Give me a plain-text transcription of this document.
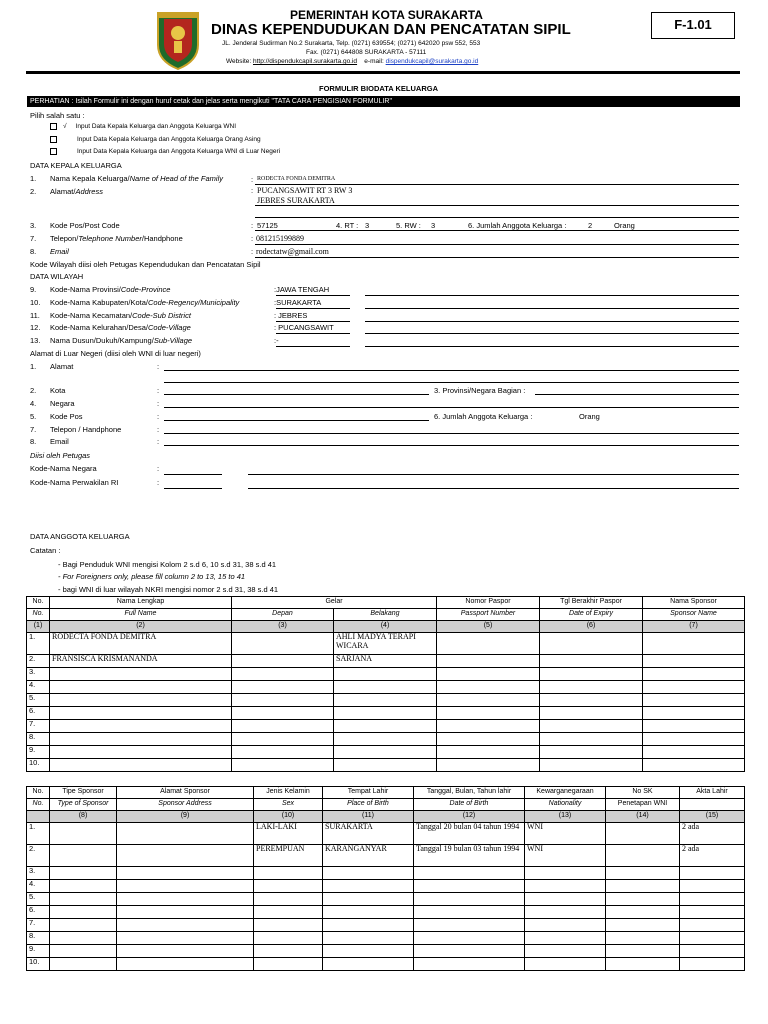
PEMERINTAH KOTA SURAKARTA
DINAS KEPENDUDUKAN DAN PENCATATAN SIPIL
JL. Jenderal Sudirman No.2 Surakarta, Telp. (0271) 639554; (0271) 642020 psw 552, 553
Fax. (0271) 644808 SURAKARTA - 57111
Website: http://dispendukcapil.surakarta.go.id e-mail: dispendukcapil@surakarta.go.id
F-1.01
FORMULIR BIODATA KELUARGA
PERHATIAN : Isilah Formulir ini dengan huruf cetak dan jelas serta mengikuti "TATA CARA PENGISIAN FORMULIR"
Pilih salah satu :
√ Input Data Kepala Keluarga dan Anggota Keluarga WNI
Input Data Kepala Keluarga dan Anggota Keluarga Orang Asing
Input Data Kepala Keluarga dan Anggota Keluarga WNI di Luar Negeri
DATA KEPALA KELUARGA
1. Nama Kepala Keluarga/Name of Head of the Family	: RODECTA FONDA DEMITRA
2. Alamat/Address	: PUCANGSAWIT RT 3 RW 3
JEBRES SURAKARTA
3. Kode Pos/Post Code	: 57125	4. RT : 3	5. RW : 3	6. Jumlah Anggota Keluarga :	2	Orang
7. Telepon/Telephone Number/Handphone	: 081215199889
8. Email	: rodectatw@gmail.com
Kode Wilayah diisi oleh Petugas Kependudukan dan Pencatatan Sipil
DATA WILAYAH
9. Kode-Nama Provinsi/Code-Province	:JAWA TENGAH
10. Kode-Nama Kabupaten/Kota/Code-Regency/Municipality	:SURAKARTA
11. Kode-Nama Kecamatan/Code-Sub District	: JEBRES
12. Kode-Nama Kelurahan/Desa/Code-Village	: PUCANGSAWIT
13. Nama Dusun/Dukuh/Kampung/Sub-Village	:-
Alamat di Luar Negeri (diisi oleh WNI di luar negeri)
1. Alamat	:
2. Kota	:	3. Provinsi/Negara Bagian :
4. Negara	:
5. Kode Pos	:	6. Jumlah Anggota Keluarga :	Orang
7. Telepon / Handphone	:
8. Email	:
Diisi oleh Petugas
Kode-Nama Negara	:
Kode-Nama Perwakilan RI	:
DATA ANGGOTA KELUARGA
Catatan :
- Bagi Penduduk WNI mengisi Kolom 2 s.d 6, 10 s.d 31, 38 s.d 41
- For Foreigners only, please fill column 2 to 13, 15 to 41
- bagi WNI di luar wilayah NKRI mengisi nomor 2 s.d 31, 38 s.d 41
No.	Nama Lengkap	Gelar		Nomor Paspor	Tgl Berakhir Paspor	Nama Sponsor
No.	Full Name	Depan	Belakang	Passport Number	Date of Expiry	Sponsor Name
(1)	(2)	(3)	(4)	(5)	(6)	(7)
1.	RODECTA FONDA DEMITRA		AHLI MADYA TERAPI WICARA			
2.	FRANSISCA KRISMANANDA		SARJANA			
3.						
4.						
5.						
6.						
7.						
8.						
9.						
10.						
No.	Tipe Sponsor	Alamat Sponsor	Jenis Kelamin	Tempat Lahir	Tanggal, Bulan, Tahun lahir	Kewarganegaraan	No SK	Akta Lahir
No.	Type of Sponsor	Sponsor Address	Sex	Place of Birth	Date of Birth	Nationality	Penetapan WNI	
	(8)	(9)	(10)	(11)	(12)	(13)	(14)	(15)
1.			LAKI-LAKI	SURAKARTA	Tanggal 20 bulan 04 tahun 1994	WNI		2 ada
2.			PEREMPUAN	KARANGANYAR	Tanggal 19 bulan 03 tahun 1994	WNI		2 ada
3.								
4.								
5.								
6.								
7.								
8.								
9.								
10.								
